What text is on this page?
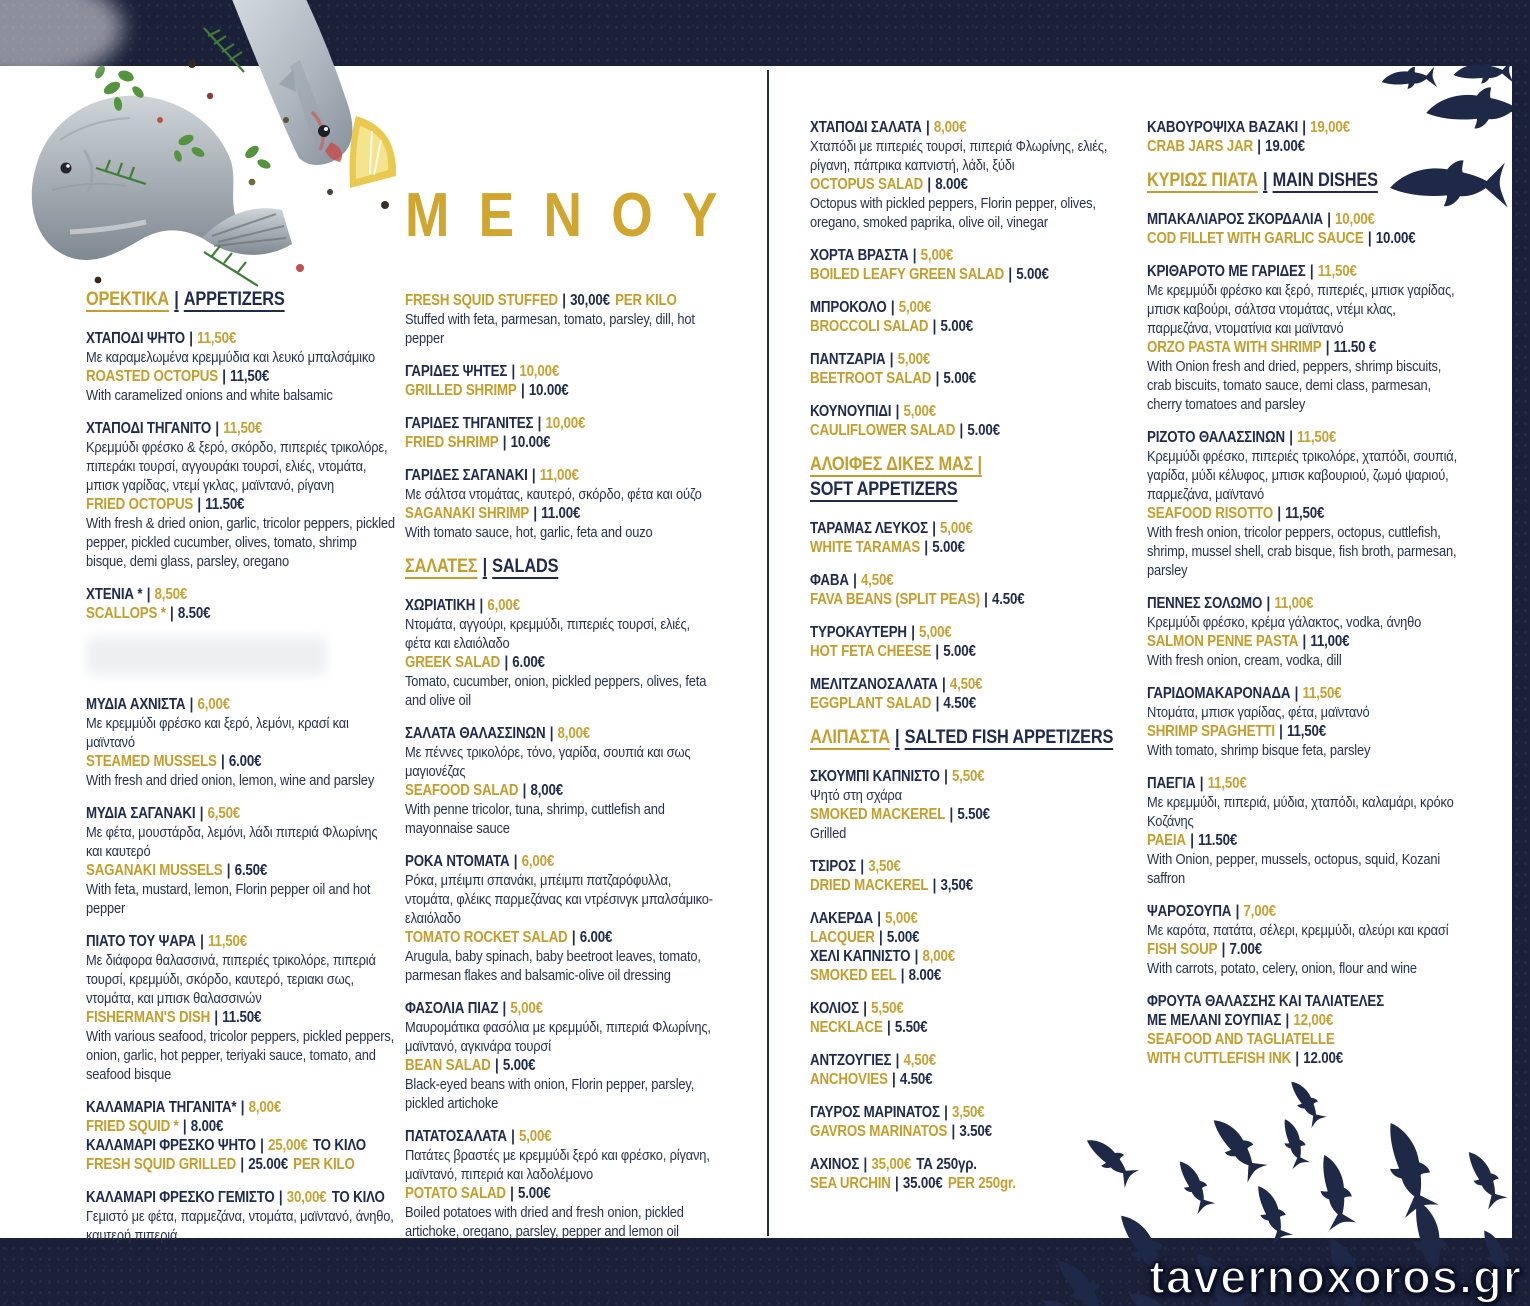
ΟΡΕΚΤΙΚΑ | APPETIZERS
ΧΤΑΠΟΔΙ ΨΗΤΟ | 11,50€
Με καραμελωμένα κρεμμύδια και λευκό μπαλσάμικο
ROASTED OCTOPUS | 11,50€
With caramelized onions and white balsamic
ΧΤΑΠΟΔΙ ΤΗΓΑΝΙΤΟ | 11,50€
Κρεμμύδι φρέσκο & ξερό, σκόρδο, πιπεριές τρικολόρε, πιπεράκι τουρσί, αγγουράκι τουρσί, ελιές, ντομάτα, μπισκ γαρίδας, ντεμί γκλας, μαϊντανό, ρίγανη
FRIED OCTOPUS | 11.50€
With fresh & dried onion, garlic, tricolor peppers, pickled pepper, pickled cucumber, olives, tomato, shrimp bisque, demi glass, parsley, oregano
ΧΤΕΝΙΑ * | 8,50€
SCALLOPS * | 8.50€
ΜΥΔΙΑ ΑΧΝΙΣΤΑ | 6,00€
Με κρεμμύδι φρέσκο και ξερό, λεμόνι, κρασί και μαϊντανό
STEAMED MUSSELS | 6.00€
With fresh and dried onion, lemon, wine and parsley
ΜΥΔΙΑ ΣΑΓΑΝΑΚΙ | 6,50€
Με φέτα, μουστάρδα, λεμόνι, λάδι πιπεριά Φλωρίνης και καυτερό
SAGANAKI MUSSELS | 6.50€
With feta, mustard, lemon, Florin pepper oil and hot pepper
ΠΙΑΤΟ ΤΟΥ ΨΑΡΑ | 11,50€
Με διάφορα θαλασσινά, πιπεριές τρικολόρε, πιπεριά τουρσί, κρεμμύδι, σκόρδο, καυτερό, τεριακι σως, ντομάτα, και μπισκ θαλασσινών
FISHERMAN'S DISH | 11.50€
With various seafood, tricolor peppers, pickled peppers, onion, garlic, hot pepper, teriyaki sauce, tomato, and seafood bisque
ΚΑΛΑΜΑΡΙΑ ΤΗΓΑΝΙΤΑ* | 8,00€
FRIED SQUID * | 8.00€
ΚΑΛΑΜΑΡΙ ΦΡΕΣΚΟ ΨΗΤΟ | 25,00€ ΤΟ ΚΙΛΟ
FRESH SQUID GRILLED | 25.00€ PER KILO
ΚΑΛΑΜΑΡΙ ΦΡΕΣΚΟ ΓΕΜΙΣΤΟ | 30,00€ ΤΟ ΚΙΛΟ
Γεμιστό με φέτα, παρμεζάνα, ντομάτα, μαϊντανό, άνηθο, καυτερή πιπεριά
MENOY
FRESH SQUID STUFFED | 30,00€ PER KILO
Stuffed with feta, parmesan, tomato, parsley, dill, hot pepper
ΓΑΡΙΔΕΣ ΨΗΤΕΣ | 10,00€
GRILLED SHRIMP | 10.00€
ΓΑΡΙΔΕΣ ΤΗΓΑΝΙΤΕΣ | 10,00€
FRIED SHRIMP | 10.00€
ΓΑΡΙΔΕΣ ΣΑΓΑΝΑΚΙ | 11,00€
Με σάλτσα ντομάτας, καυτερό, σκόρδο, φέτα και ούζο
SAGANAKI SHRIMP | 11.00€
With tomato sauce, hot, garlic, feta and ouzo
ΣΑΛΑΤΕΣ | SALADS
ΧΩΡΙΑΤΙΚΗ | 6,00€
Ντομάτα, αγγούρι, κρεμμύδι, πιπεριές τουρσί, ελιές, φέτα και ελαιόλαδο
GREEK SALAD | 6.00€
Tomato, cucumber, onion, pickled peppers, olives, feta and olive oil
ΣΑΛΑΤΑ ΘΑΛΑΣΣΙΝΩΝ | 8,00€
Με πέννες τρικολόρε, τόνο, γαρίδα, σουπιά και σως μαγιονέζας
SEAFOOD SALAD | 8,00€
With penne tricolor, tuna, shrimp, cuttlefish and mayonnaise sauce
ΡΟΚΑ ΝΤΟΜΑΤΑ | 6,00€
Ρόκα, μπέιμπι σπανάκι, μπέιμπι πατζαρόφυλλα, ντομάτα, φλέικς παρμεζάνας και ντρέσινγκ μπαλσάμικο-ελαιόλαδο
TOMATO ROCKET SALAD | 6.00€
Arugula, baby spinach, baby beetroot leaves, tomato, parmesan flakes and balsamic-olive oil dressing
ΦΑΣΟΛΙΑ ΠΙΑΖ | 5,00€
Μαυρομάτικα φασόλια με κρεμμύδι, πιπεριά Φλωρίνης, μαϊντανό, αγκινάρα τουρσί
BEAN SALAD | 5.00€
Black-eyed beans with onion, Florin pepper, parsley, pickled artichoke
ΠΑΤΑΤΟΣΑΛΑΤΑ | 5,00€
Πατάτες βραστές με κρεμμύδι ξερό και φρέσκο, ρίγανη, μαϊντανό, πιπεριά και λαδολέμονο
POTATO SALAD | 5.00€
Boiled potatoes with dried and fresh onion, pickled artichoke, oregano, parsley, pepper and lemon oil
ΧΤΑΠΟΔΙ ΣΑΛΑΤΑ | 8,00€
Χταπόδι με πιπεριές τουρσί, πιπεριά Φλωρίνης, ελιές, ρίγανη, πάπρικα καπνιστή, λάδι, ξύδι
OCTOPUS SALAD | 8.00€
Octopus with pickled peppers, Florin pepper, olives, oregano, smoked paprika, olive oil, vinegar
ΧΟΡΤΑ ΒΡΑΣΤΑ | 5,00€
BOILED LEAFY GREEN SALAD | 5.00€
ΜΠΡΟΚΟΛΟ | 5,00€
BROCCOLI SALAD | 5.00€
ΠΑΝΤΖΑΡΙΑ | 5,00€
BEETROOT SALAD | 5.00€
ΚΟΥΝΟΥΠΙΔΙ | 5,00€
CAULIFLOWER SALAD | 5.00€
ΑΛΟΙΦΕΣ ΔΙΚΕΣ ΜΑΣ |
SOFT APPETIZERS
ΤΑΡΑΜΑΣ ΛΕΥΚΟΣ | 5,00€
WHITE TARAMAS | 5.00€
ΦΑΒΑ | 4,50€
FAVA BEANS (SPLIT PEAS) | 4.50€
ΤΥΡΟΚΑΥΤΕΡΗ | 5,00€
HOT FETA CHEESE | 5.00€
ΜΕΛΙΤΖΑΝΟΣΑΛΑΤΑ | 4,50€
EGGPLANT SALAD | 4.50€
ΑΛΙΠΑΣΤΑ | SALTED FISH APPETIZERS
ΣΚΟΥΜΠΙ ΚΑΠΝΙΣΤΟ | 5,50€
Ψητό στη σχάρα
SMOKED MACKEREL | 5.50€
Grilled
ΤΣΙΡΟΣ | 3,50€
DRIED MACKEREL | 3,50€
ΛΑΚΕΡΔΑ | 5,00€
LACQUER | 5.00€
ΧΕΛΙ ΚΑΠΝΙΣΤΟ | 8,00€
SMOKED EEL | 8.00€
ΚΟΛΙΟΣ | 5,50€
NECKLACE | 5.50€
ΑΝΤΖΟΥΓΙΕΣ | 4,50€
ANCHOVIES | 4.50€
ΓΑΥΡΟΣ ΜΑΡΙΝΑΤΟΣ | 3,50€
GAVROS MARINATOS | 3.50€
ΑΧΙΝΟΣ | 35,00€ ΤΑ 250γρ.
SEA URCHIN | 35.00€ PER 250gr.
ΚΑΒΟΥΡΟΨΙΧΑ ΒΑΖΑΚΙ | 19,00€
CRAB JARS JAR | 19.00€
ΚΥΡΙΩΣ ΠΙΑΤΑ | MAIN DISHES
ΜΠΑΚΑΛΙΑΡΟΣ ΣΚΟΡΔΑΛΙΑ | 10,00€
COD FILLET WITH GARLIC SAUCE | 10.00€
ΚΡΙΘΑΡΟΤΟ ΜΕ ΓΑΡΙΔΕΣ | 11,50€
Με κρεμμύδι φρέσκο και ξερό, πιπεριές, μπισκ γαρίδας, μπισκ καβούρι, σάλτσα ντομάτας, ντέμι κλας, παρμεζάνα, ντοματίνια και μαϊντανό
ORZO PASTA WITH SHRIMP | 11.50 €
With Onion fresh and dried, peppers, shrimp biscuits, crab biscuits, tomato sauce, demi class, parmesan, cherry tomatoes and parsley
ΡΙΖΟΤΟ ΘΑΛΑΣΣΙΝΩΝ | 11,50€
Κρεμμύδι φρέσκο, πιπεριές τρικολόρε, χταπόδι, σουπιά, γαρίδα, μύδι κέλυφος, μπισκ καβουριού, ζωμό ψαριού, παρμεζάνα, μαϊντανό
SEAFOOD RISOTTO | 11,50€
With fresh onion, tricolor peppers, octopus, cuttlefish, shrimp, mussel shell, crab bisque, fish broth, parmesan, parsley
ΠΕΝΝΕΣ ΣΟΛΩΜΟ | 11,00€
Κρεμμύδι φρέσκο, κρέμα γάλακτος, vodka, άνηθο
SALMON PENNE PASTA | 11,00€
With fresh onion, cream, vodka, dill
ΓΑΡΙΔΟΜΑΚΑΡΟΝΑΔΑ | 11,50€
Ντομάτα, μπισκ γαρίδας, φέτα, μαϊντανό
SHRIMP SPAGHETTI | 11,50€
With tomato, shrimp bisque feta, parsley
ΠΑΕΓΙΑ | 11,50€
Με κρεμμύδι, πιπεριά, μύδια, χταπόδι, καλαμάρι, κρόκο Κοζάνης
PAEIA | 11.50€
With Onion, pepper, mussels, octopus, squid, Kozani saffron
ΨΑΡΟΣΟΥΠΑ | 7,00€
Με καρότα, πατάτα, σέλερι, κρεμμύδι, αλεύρι και κρασί
FISH SOUP | 7.00€
With carrots, potato, celery, onion, flour and wine
ΦΡΟΥΤΑ ΘΑΛΑΣΣΗΣ ΚΑΙ ΤΑΛΙΑΤΕΛΕΣ
ΜΕ ΜΕΛΑΝΙ ΣΟΥΠΙΑΣ | 12,00€
SEAFOOD AND TAGLIATELLE
WITH CUTTLEFISH INK | 12.00€
tavernoxoros.gr
